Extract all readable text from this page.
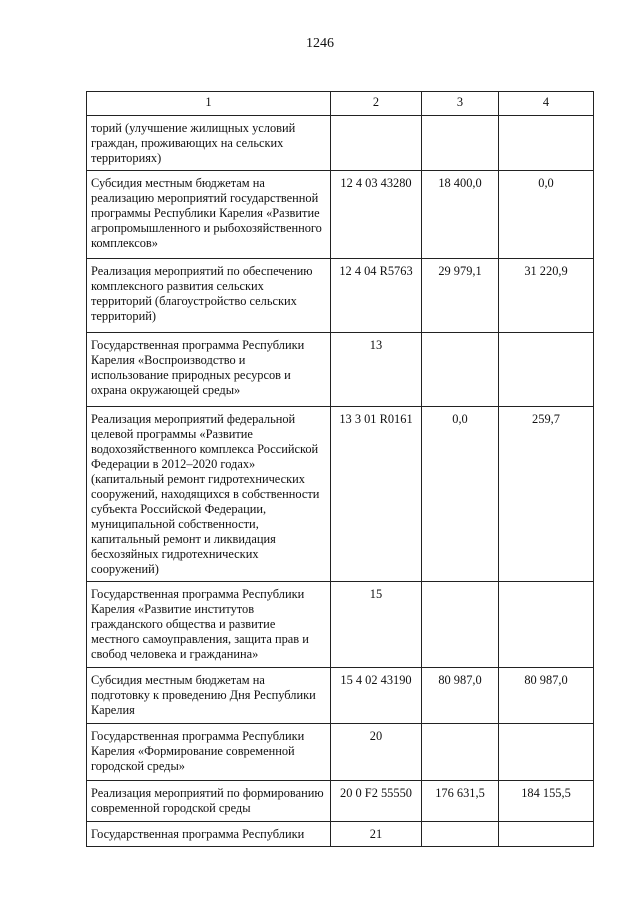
1246
1	2	3	4
торий (улучшение жилищных условий граждан, проживающих на сельских территориях)			
Субсидия местным бюджетам на реализацию мероприятий государственной программы Республики Карелия «Развитие агропромышленного и рыбохозяйственного комплексов»	12 4 03 43280	18 400,0	0,0
Реализация мероприятий по обеспечению комплексного развития сельских территорий (благоустройство сельских территорий)	12 4 04 R5763	29 979,1	31 220,9
Государственная программа Республики Карелия «Воспроизводство и использование природных ресурсов и охрана окружающей среды»	13		
Реализация мероприятий федеральной целевой программы «Развитие водохозяйственного комплекса Российской Федерации в 2012–2020 годах» (капитальный ремонт гидротехнических сооружений, находящихся в собственности субъекта Российской Федерации, муниципальной собственности, капитальный ремонт и ликвидация бесхозяйных гидротехнических сооружений)	13 3 01 R0161	0,0	259,7
Государственная программа Республики Карелия «Развитие институтов гражданского общества и развитие местного самоуправления, защита прав и свобод человека и гражданина»	15		
Субсидия местным бюджетам на подготовку к проведению Дня Республики Карелия	15 4 02 43190	80 987,0	80 987,0
Государственная программа Республики Карелия «Формирование современной городской среды»	20		
Реализация мероприятий по формированию современной городской среды	20 0 F2 55550	176 631,5	184 155,5
Государственная программа Республики	21		
